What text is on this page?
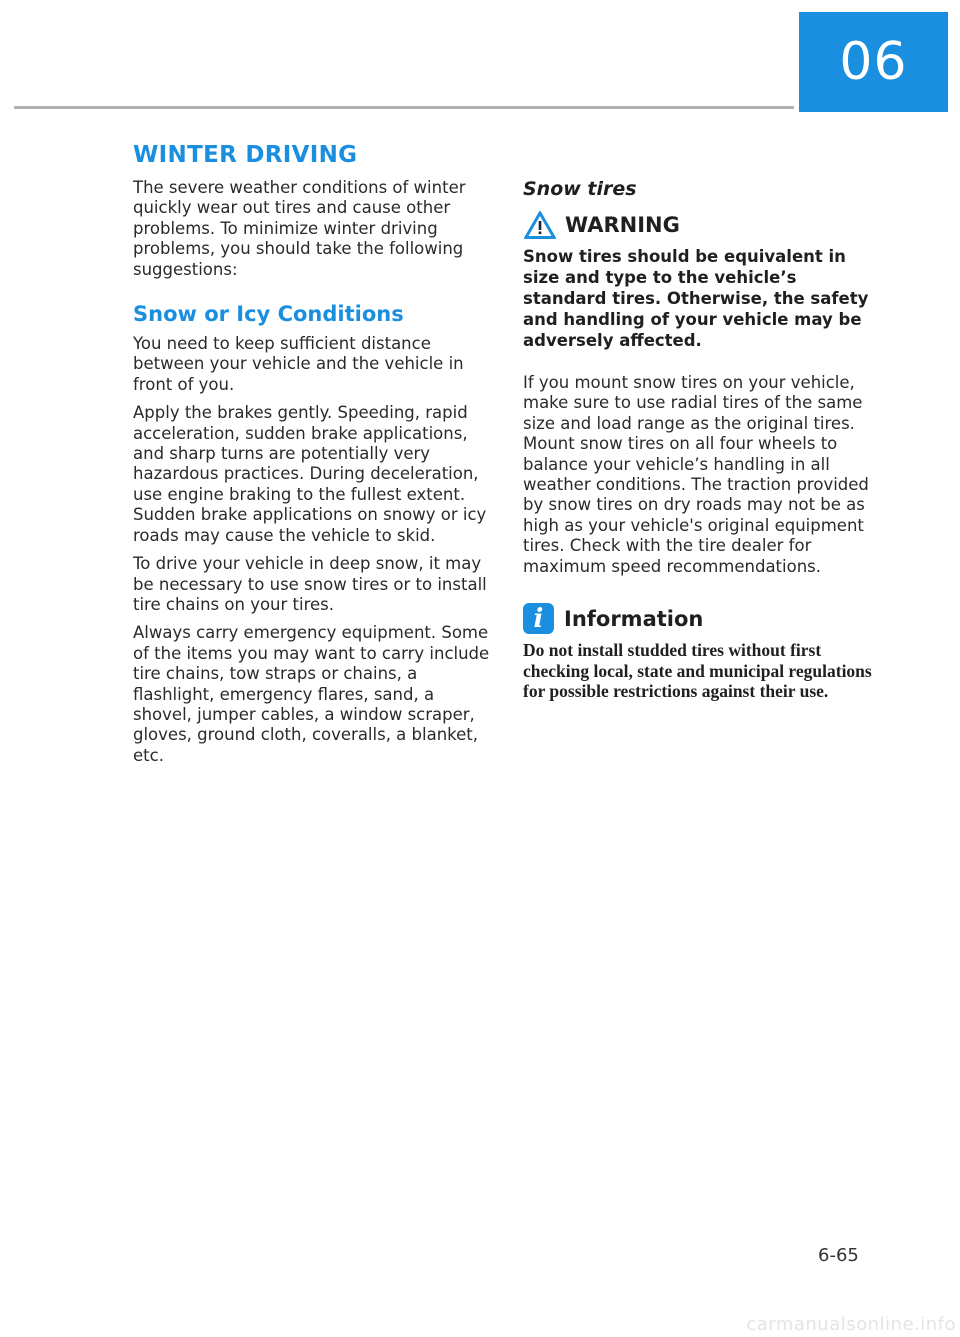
06
WINTER DRIVING

The severe weather conditions of winter quickly wear out tires and cause other problems. To minimize winter driving problems, you should take the following suggestions:

Snow or Icy Conditions

You need to keep sufficient distance between your vehicle and the vehicle in front of you.

Apply the brakes gently. Speeding, rapid acceleration, sudden brake applications, and sharp turns are potentially very hazardous practices. During deceleration, use engine braking to the fullest extent. Sudden brake applications on snowy or icy roads may cause the vehicle to skid.

To drive your vehicle in deep snow, it may be necessary to use snow tires or to install tire chains on your tires.

Always carry emergency equipment. Some of the items you may want to carry include tire chains, tow straps or chains, a flashlight, emergency flares, sand, a shovel, jumper cables, a window scraper, gloves, ground cloth, coveralls, a blanket, etc.

Snow tires
WARNING

Snow tires should be equivalent in size and type to the vehicle’s standard tires. Otherwise, the safety and handling of your vehicle may be adversely affected.

If you mount snow tires on your vehicle, make sure to use radial tires of the same size and load range as the original tires. Mount snow tires on all four wheels to balance your vehicle’s handling in all weather conditions. The traction provided by snow tires on dry roads may not be as high as your vehicle's original equipment tires. Check with the tire dealer for maximum speed recommendations.

i Information

Do not install studded tires without first checking local, state and municipal regulations for possible restrictions against their use.

6-65
carmanualsonline.info
